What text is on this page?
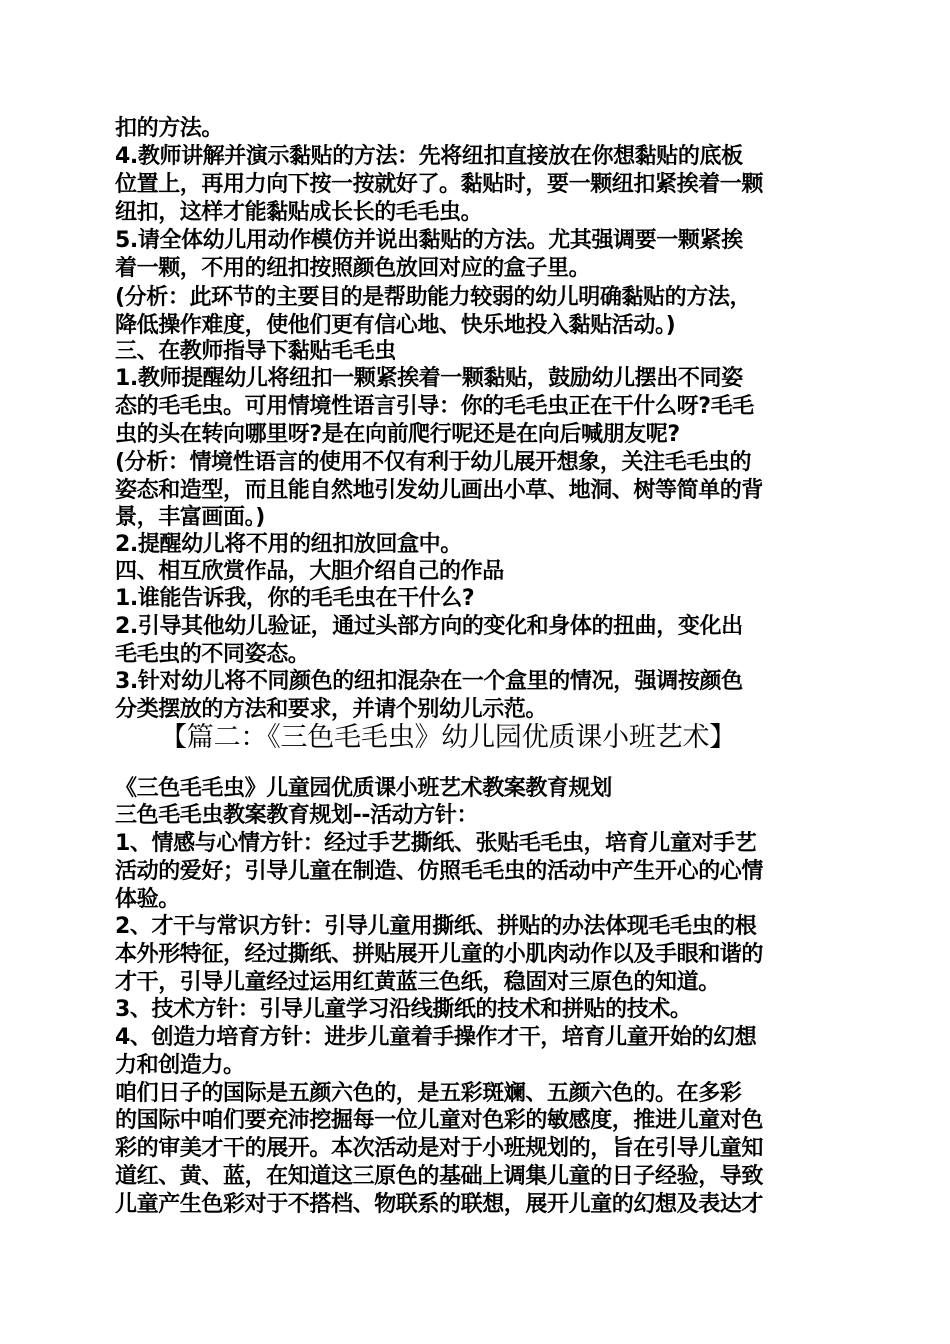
扣的方法。
4.教师讲解并演示黏贴的方法：先将纽扣直接放在你想黏贴的底板
位置上，再用力向下按一按就好了。黏贴时，要一颗纽扣紧挨着一颗
纽扣，这样才能黏贴成长长的毛毛虫。
5.请全体幼儿用动作模仿并说出黏贴的方法。尤其强调要一颗紧挨
着一颗，不用的纽扣按照颜色放回对应的盒子里。
(分析：此环节的主要目的是帮助能力较弱的幼儿明确黏贴的方法，
降低操作难度，使他们更有信心地、快乐地投入黏贴活动。)
三、在教师指导下黏贴毛毛虫
1.教师提醒幼儿将纽扣一颗紧挨着一颗黏贴，鼓励幼儿摆出不同姿
态的毛毛虫。可用情境性语言引导：你的毛毛虫正在干什么呀?毛毛
虫的头在转向哪里呀?是在向前爬行呢还是在向后喊朋友呢?
(分析：情境性语言的使用不仅有利于幼儿展开想象，关注毛毛虫的
姿态和造型，而且能自然地引发幼儿画出小草、地洞、树等简单的背
景，丰富画面。)
2.提醒幼儿将不用的纽扣放回盒中。
四、相互欣赏作品，大胆介绍自己的作品
1.谁能告诉我，你的毛毛虫在干什么?
2.引导其他幼儿验证，通过头部方向的变化和身体的扭曲，变化出
毛毛虫的不同姿态。
3.针对幼儿将不同颜色的纽扣混杂在一个盒里的情况，强调按颜色
分类摆放的方法和要求，并请个别幼儿示范。
【篇二：《三色毛毛虫》幼儿园优质课小班艺术】
《三色毛毛虫》儿童园优质课小班艺术教案教育规划
三色毛毛虫教案教育规划--活动方针：
1、情感与心情方针：经过手艺撕纸、张贴毛毛虫，培育儿童对手艺
活动的爱好；引导儿童在制造、仿照毛毛虫的活动中产生开心的心情
体验。
2、才干与常识方针：引导儿童用撕纸、拼贴的办法体现毛毛虫的根
本外形特征，经过撕纸、拼贴展开儿童的小肌肉动作以及手眼和谐的
才干，引导儿童经过运用红黄蓝三色纸，稳固对三原色的知道。
3、技术方针：引导儿童学习沿线撕纸的技术和拼贴的技术。
4、创造力培育方针：进步儿童着手操作才干，培育儿童开始的幻想
力和创造力。
咱们日子的国际是五颜六色的，是五彩斑斓、五颜六色的。在多彩
的国际中咱们要充沛挖掘每一位儿童对色彩的敏感度，推进儿童对色
彩的审美才干的展开。本次活动是对于小班规划的，旨在引导儿童知
道红、黄、蓝，在知道这三原色的基础上调集儿童的日子经验，导致
儿童产生色彩对于不搭档、物联系的联想，展开儿童的幻想及表达才
